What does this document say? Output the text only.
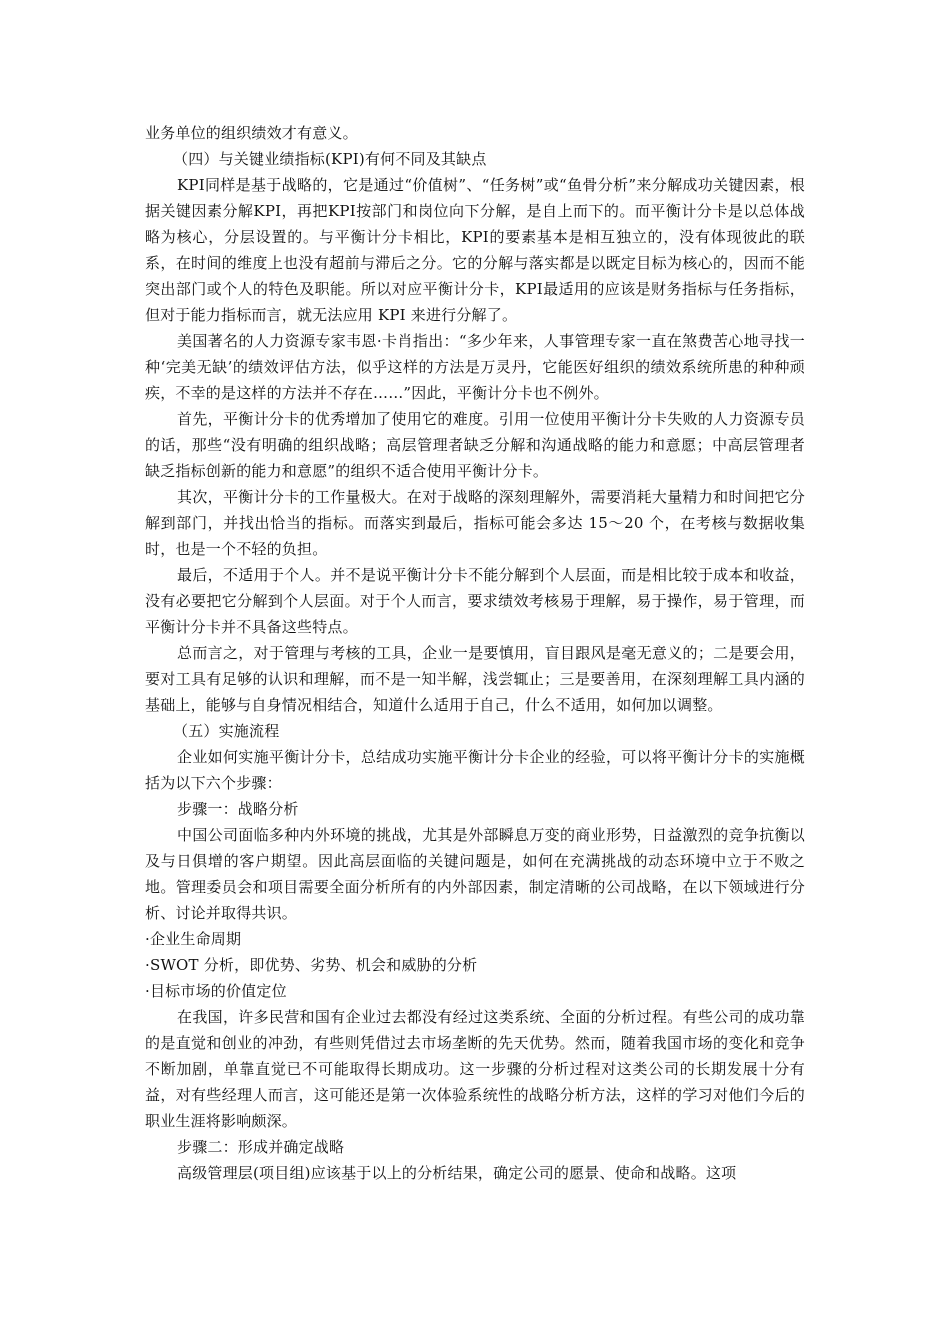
业务单位的组织绩效才有意义。

（四）与关键业绩指标(KPI)有何不同及其缺点

KPI同样是基于战略的，它是通过“价值树”、“任务树”或“鱼骨分析”来分解成功关键因素，根据关键因素分解KPI，再把KPI按部门和岗位向下分解，是自上而下的。而平衡计分卡是以总体战略为核心，分层设置的。与平衡计分卡相比，KPI的要素基本是相互独立的，没有体现彼此的联系，在时间的维度上也没有超前与滞后之分。它的分解与落实都是以既定目标为核心的，因而不能突出部门或个人的特色及职能。所以对应平衡计分卡，KPI最适用的应该是财务指标与任务指标，但对于能力指标而言，就无法应用 KPI 来进行分解了。

美国著名的人力资源专家韦恩·卡肖指出：“多少年来，人事管理专家一直在煞费苦心地寻找一种‘完美无缺’的绩效评估方法，似乎这样的方法是万灵丹，它能医好组织的绩效系统所患的种种顽疾，不幸的是这样的方法并不存在……”因此，平衡计分卡也不例外。

首先，平衡计分卡的优秀增加了使用它的难度。引用一位使用平衡计分卡失败的人力资源专员的话，那些“没有明确的组织战略；高层管理者缺乏分解和沟通战略的能力和意愿；中高层管理者缺乏指标创新的能力和意愿”的组织不适合使用平衡计分卡。

其次，平衡计分卡的工作量极大。在对于战略的深刻理解外，需要消耗大量精力和时间把它分解到部门，并找出恰当的指标。而落实到最后，指标可能会多达 15～20 个，在考核与数据收集时，也是一个不轻的负担。

最后，不适用于个人。并不是说平衡计分卡不能分解到个人层面，而是相比较于成本和收益，没有必要把它分解到个人层面。对于个人而言，要求绩效考核易于理解，易于操作，易于管理，而平衡计分卡并不具备这些特点。

总而言之，对于管理与考核的工具，企业一是要慎用，盲目跟风是毫无意义的；二是要会用，要对工具有足够的认识和理解，而不是一知半解，浅尝辄止；三是要善用，在深刻理解工具内涵的基础上，能够与自身情况相结合，知道什么适用于自己，什么不适用，如何加以调整。

（五）实施流程

企业如何实施平衡计分卡，总结成功实施平衡计分卡企业的经验，可以将平衡计分卡的实施概括为以下六个步骤：

步骤一：战略分析

中国公司面临多种内外环境的挑战，尤其是外部瞬息万变的商业形势，日益激烈的竞争抗衡以及与日俱增的客户期望。因此高层面临的关键问题是，如何在充满挑战的动态环境中立于不败之地。管理委员会和项目需要全面分析所有的内外部因素，制定清晰的公司战略，在以下领域进行分析、讨论并取得共识。

·企业生命周期

·SWOT 分析，即优势、劣势、机会和威胁的分析

·目标市场的价值定位

在我国，许多民营和国有企业过去都没有经过这类系统、全面的分析过程。有些公司的成功靠的是直觉和创业的冲劲，有些则凭借过去市场垄断的先天优势。然而，随着我国市场的变化和竞争不断加剧，单靠直觉已不可能取得长期成功。这一步骤的分析过程对这类公司的长期发展十分有益，对有些经理人而言，这可能还是第一次体验系统性的战略分析方法，这样的学习对他们今后的职业生涯将影响颇深。

步骤二：形成并确定战略

高级管理层(项目组)应该基于以上的分析结果，确定公司的愿景、使命和战略。这项
